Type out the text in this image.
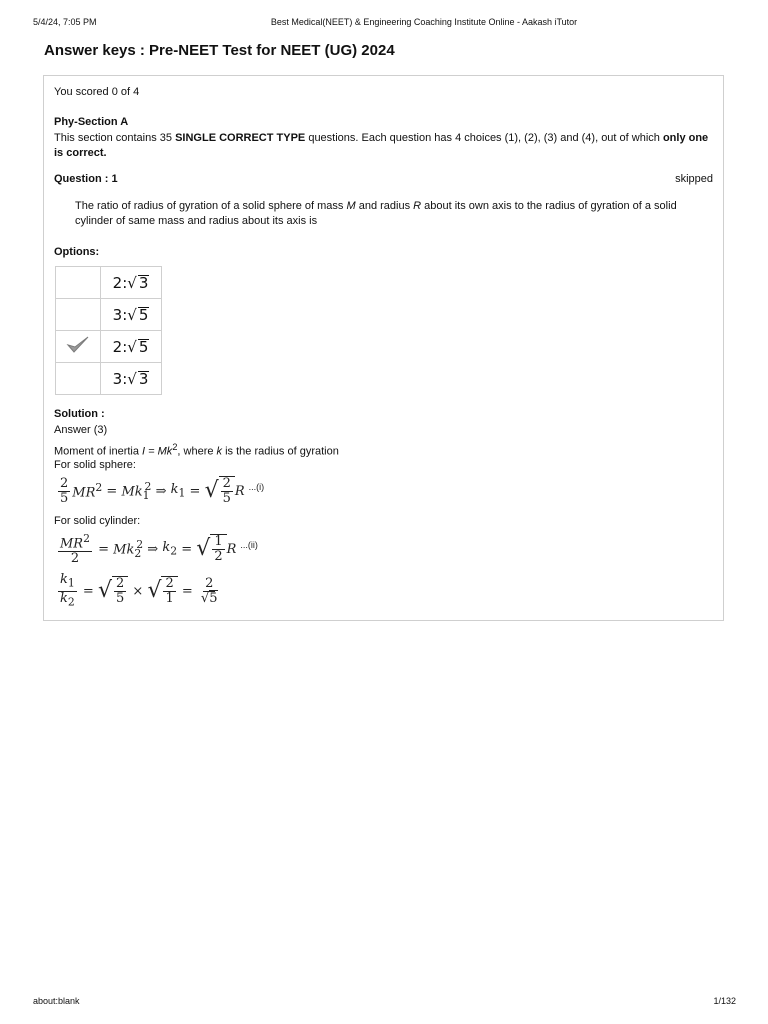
5/4/24, 7:05 PM	Best Medical(NEET) & Engineering Coaching Institute Online - Aakash iTutor
Answer keys : Pre-NEET Test for NEET (UG) 2024
You scored 0 of 4
Phy-Section A
This section contains 35 SINGLE CORRECT TYPE questions. Each question has 4 choices (1), (2), (3) and (4), out of which only one is correct.
Question : 1	skipped
The ratio of radius of gyration of a solid sphere of mass M and radius R about its own axis to the radius of gyration of a solid cylinder of same mass and radius about its axis is
Options:
	2:√ 3
	3:√ 5
	2:√ 5
	3:√ 3
Solution :
Answer (3)
Moment of inertia $I = Mk^2$, where k is the radius of gyration
For solid sphere:
$\frac{2}{5} MR^2 = Mk_1^2$ ⇒ $k_1$ = √ $\frac{2}{5}$ R ...(i)
For solid cylinder:
$\frac{MR^2}{2} = Mk_2^2$ ⇒ $k_2$ = √ $\frac{1}{2}$ R ...(ii)
$\frac{k_1}{k_2}$ = √ $\frac{2}{5}$ × √ $\frac{2}{1} = \frac{2}{√5}$
about:blank	1/132
